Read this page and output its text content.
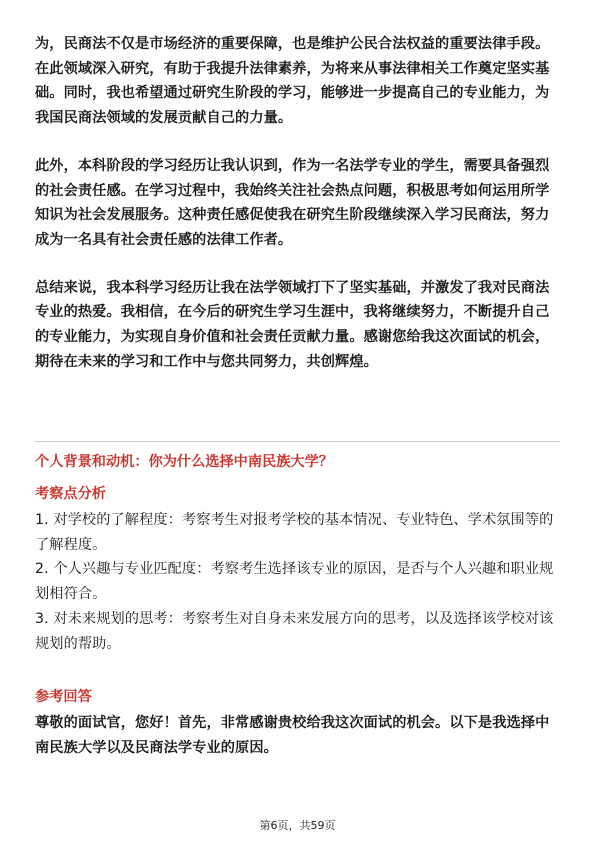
为，民商法不仅是市场经济的重要保障，也是维护公民合法权益的重要法律手段。在此领域深入研究，有助于我提升法律素养，为将来从事法律相关工作奠定坚实基础。同时，我也希望通过研究生阶段的学习，能够进一步提高自己的专业能力，为我国民商法领域的发展贡献自己的力量。

此外，本科阶段的学习经历让我认识到，作为一名法学专业的学生，需要具备强烈的社会责任感。在学习过程中，我始终关注社会热点问题，积极思考如何运用所学知识为社会发展服务。这种责任感促使我在研究生阶段继续深入学习民商法，努力成为一名具有社会责任感的法律工作者。

总结来说，我本科学习经历让我在法学领域打下了坚实基础，并激发了我对民商法专业的热爱。我相信，在今后的研究生学习生涯中，我将继续努力，不断提升自己的专业能力，为实现自身价值和社会责任贡献力量。感谢您给我这次面试的机会，期待在未来的学习和工作中与您共同努力，共创辉煌。

个人背景和动机：你为什么选择中南民族大学？
考察点分析

1. 对学校的了解程度：考察考生对报考学校的基本情况、专业特色、学术氛围等的了解程度。

2. 个人兴趣与专业匹配度：考察考生选择该专业的原因，是否与个人兴趣和职业规划相符合。

3. 对未来规划的思考：考察考生对自身未来发展方向的思考，以及选择该学校对该规划的帮助。

参考回答

尊敬的面试官，您好！首先，非常感谢贵校给我这次面试的机会。以下是我选择中南民族大学以及民商法学专业的原因。

第6页，共59页
